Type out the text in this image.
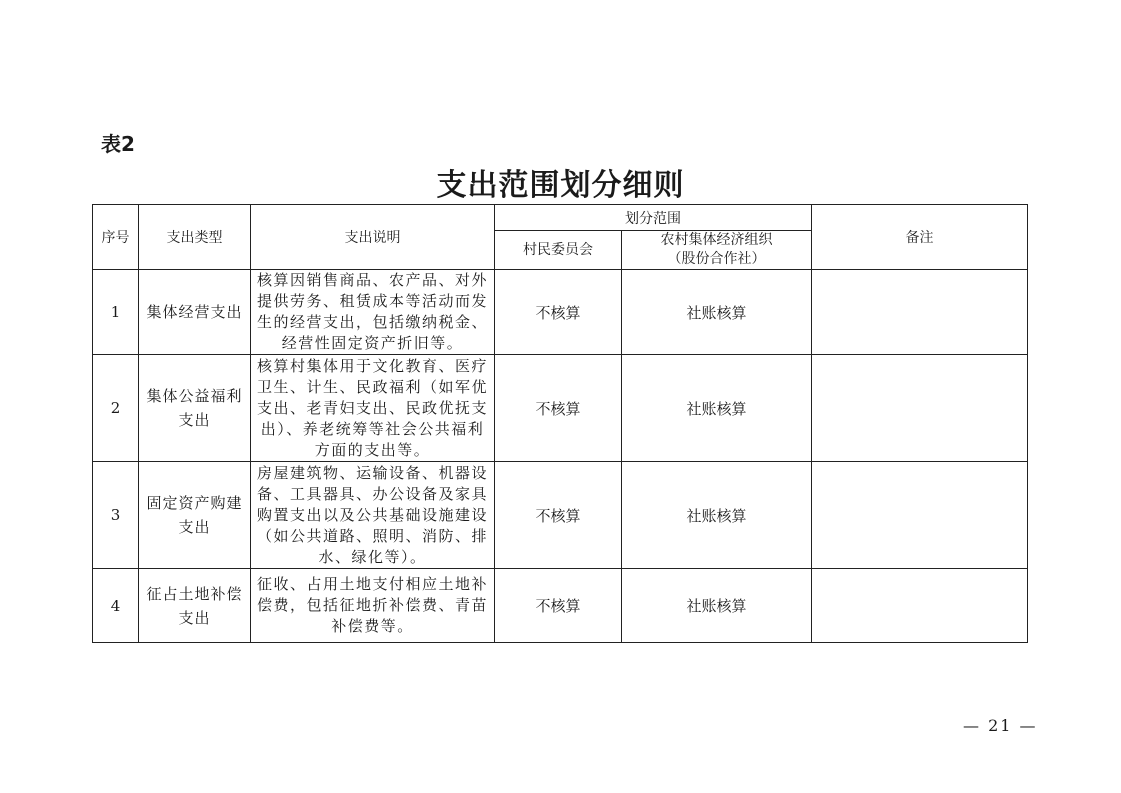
表2
支出范围划分细则
序号	支出类型	支出说明	划分范围		备注
			村民委员会	农村集体经济组织
（股份合作社）	

1	集体经营支出	核算因销售商品、农产品、对外提供劳务、租赁成本等活动而发生的经营支出，包括缴纳税金、经营性固定资产折旧等。	不核算	社账核算	
2	集体公益福利支出	核算村集体用于文化教育、医疗卫生、计生、民政福利（如军优支出、老青妇支出、民政优抚支出）、养老统筹等社会公共福利方面的支出等。	不核算	社账核算	
3	固定资产购建支出	房屋建筑物、运输设备、机器设备、工具器具、办公设备及家具购置支出以及公共基础设施建设（如公共道路、照明、消防、排水、绿化等）。	不核算	社账核算	
4	征占土地补偿支出	征收、占用土地支付相应土地补偿费，包括征地折补偿费、青苗补偿费等。	不核算	社账核算	
— 21 —
